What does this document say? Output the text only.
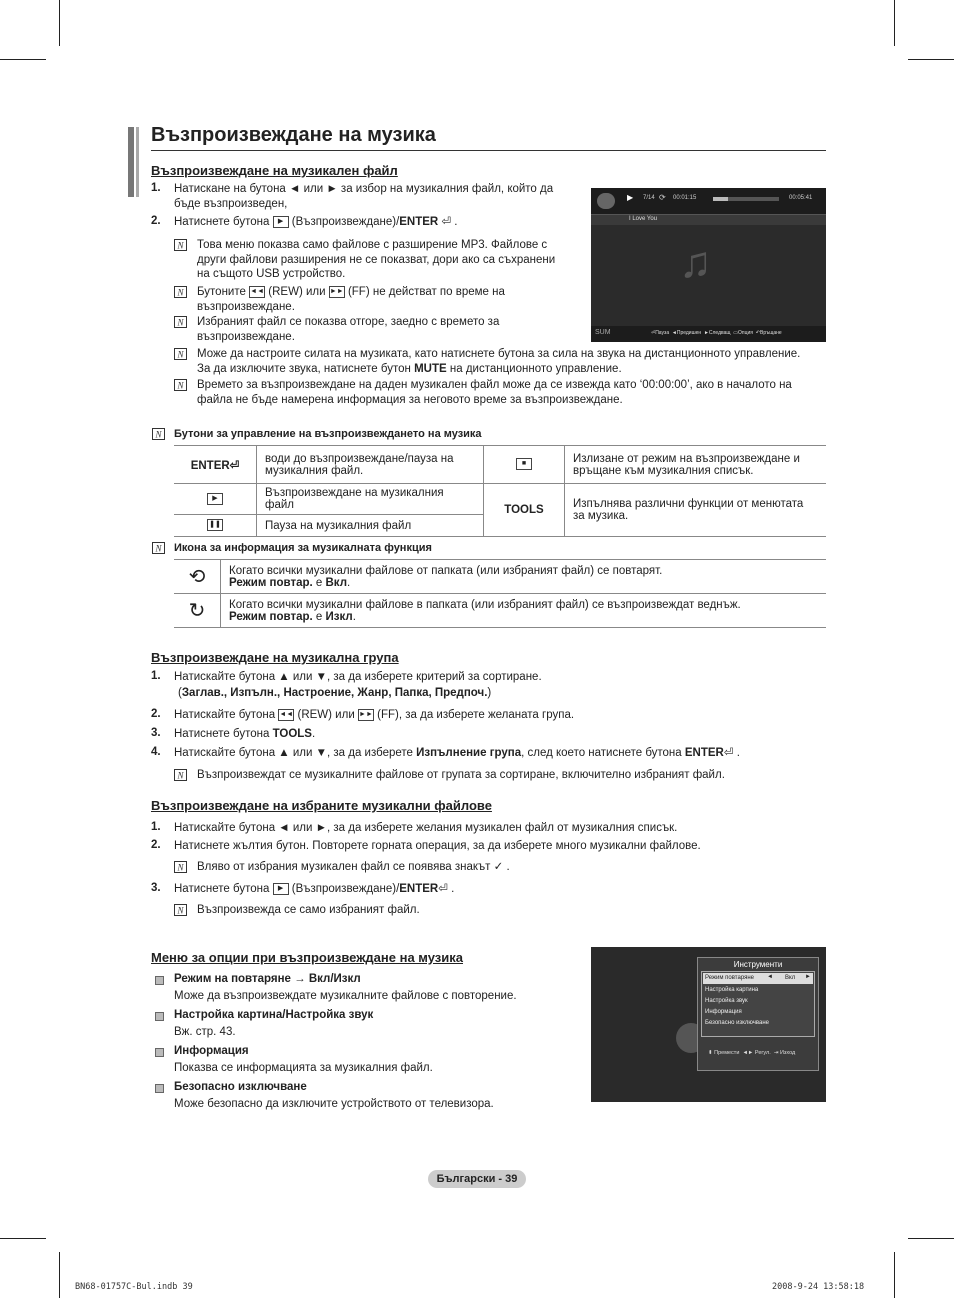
Възпроизвеждане на музика
Възпроизвеждане на музикален файл
1. Натискане на бутона ◄ или ► за избор на музикалния файл, който да
бъде възпроизведен,
2. Натиснете бутона ▶ (Възпроизвеждане)/ENTER ⏎ .
N Това меню показва само файлове с разширение MP3. Файлове с
други файлови разширения не се показват, дори ако са съхранени
на същото USB устройство.
N Бутоните ◄◄ (REW) или ►► (FF) не действат по време на
възпроизвеждане.
N Избраният файл се показва отгоре, заедно с времето за
възпроизвеждане.
N Може да настроите силата на музиката, като натиснете бутона за сила на звука на дистанционното управление.
За да изключите звука, натиснете бутон MUTE на дистанционното управление.
N Времето за възпроизвеждане на даден музикален файл може да се извежда като ‘00:00:00’, ако в началото на
файла не бъде намерена информация за неговото време за възпроизвеждане.
▶ 7/14 ⟳ 00:01:15	00:05:41
I Love You
♫
SUM	⏎Пауза ◄Предишен ►Следващ ▭Опция ↶Връщане
N Бутони за управление на възпроизвеждането на музика
ENTER⏎	води до възпроизвеждане/пауза на музикалния файл.	■	Излизане от режим на възпроизвеждане и връщане към музикалния списък.
▶	Възпроизвеждане на музикалния файл	TOOLS	Изпълнява различни функции от менютата за музика.
❚❚	Пауза на музикалния файл		
N Икона за информация за музикалната функция
⟲	Когато всички музикални файлове от папката (или избраният файл) се повтарят.
Режим повтар. е Вкл.
↻	Когато всички музикални файлове в папката (или избраният файл) се възпроизвеждат веднъж.
Режим повтар. е Изкл.
Възпроизвеждане на музикална група
1. Натискайте бутона ▲ или ▼, за да изберете критерий за сортиране.
(Заглав., Изпълн., Настроение, Жанр, Папка, Предпоч.)
2. Натискайте бутона ◄◄ (REW) или ►► (FF), за да изберете желаната група.
3. Натиснете бутона TOOLS.
4. Натискайте бутона ▲ или ▼, за да изберете Изпълнение група, след което натиснете бутона ENTER⏎ .
N Възпроизвеждат се музикалните файлове от групата за сортиране, включително избраният файл.
Възпроизвеждане на избраните музикални файлове
1. Натискайте бутона ◄ или ►, за да изберете желания музикален файл от музикалния списък.
2. Натиснете жълтия бутон. Повторете горната операция, за да изберете много музикални файлове.
N Вляво от избрания музикален файл се появява знакът ✓ .
3. Натиснете бутона ▶ (Възпроизвеждане)/ENTER⏎ .
N Възпроизвежда се само избраният файл.
Меню за опции при възпроизвеждане на музика
Режим на повтаряне → Вкл/Изкл
Може да възпроизвеждате музикалните файлове с повторение.
Настройка картина/Настройка звук
Вж. стр. 43.
Информация
Показва се информацията за музикалния файл.
Безопасно изключване
Може безопасно да изключите устройството от телевизора.
Инструменти
Режим повтаряне ◄ Вкл ►
Настройка картина
Настройка звук
Информация
Безопасно изключване
⬍ Премести ◄► Регул. ⇥ Изход
Български - 39
BN68-01757C-Bul.indb 39	2008-9-24 13:58:18
